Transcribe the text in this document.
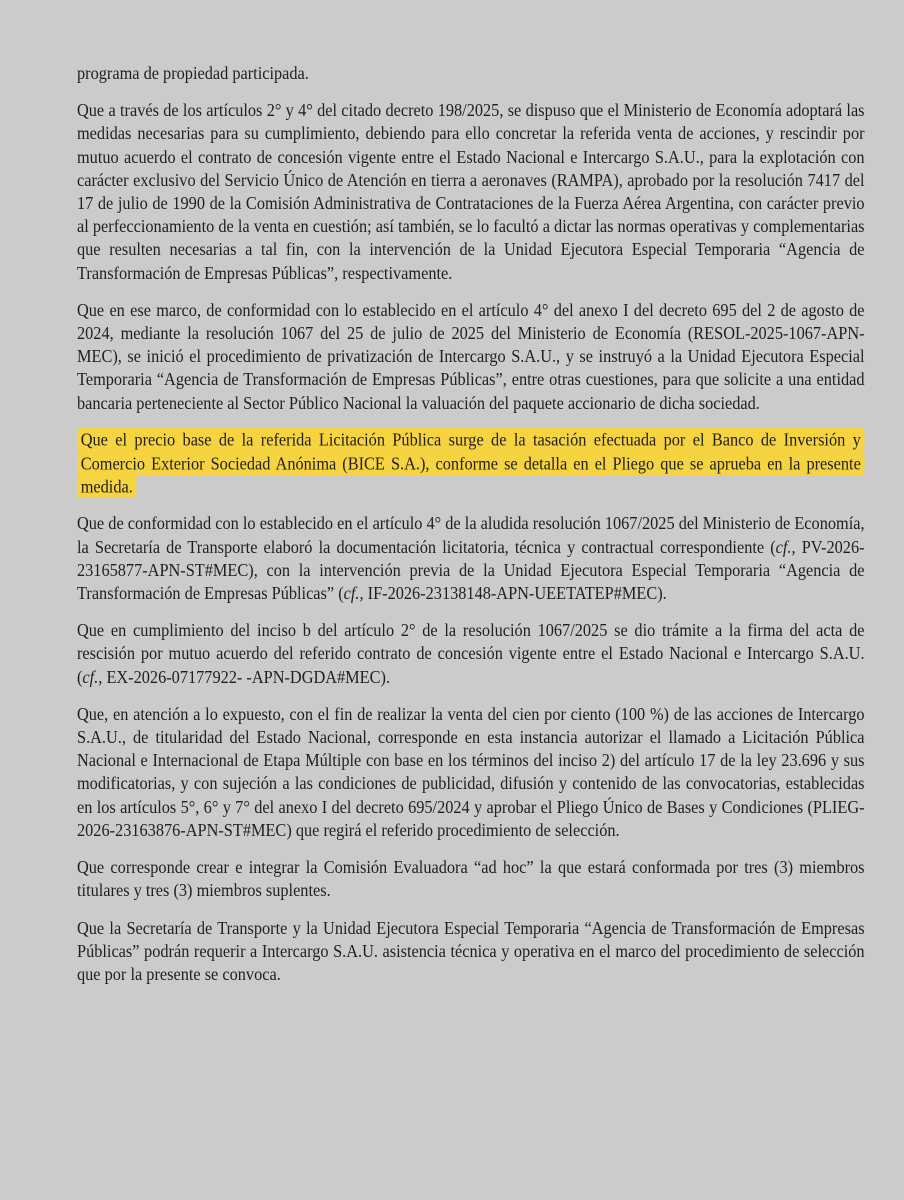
programa de propiedad participada.

Que a través de los artículos 2° y 4° del citado decreto 198/2025, se dispuso que el Ministerio de Economía adoptará las medidas necesarias para su cumplimiento, debiendo para ello concretar la referida venta de acciones, y rescindir por mutuo acuerdo el contrato de concesión vigente entre el Estado Nacional e Intercargo S.A.U., para la explotación con carácter exclusivo del Servicio Único de Atención en tierra a aeronaves (RAMPA), aprobado por la resolución 7417 del 17 de julio de 1990 de la Comisión Administrativa de Contrataciones de la Fuerza Aérea Argentina, con carácter previo al perfeccionamiento de la venta en cuestión; así también, se lo facultó a dictar las normas operativas y complementarias que resulten necesarias a tal fin, con la intervención de la Unidad Ejecutora Especial Temporaria “Agencia de Transformación de Empresas Públicas”, respectivamente.

Que en ese marco, de conformidad con lo establecido en el artículo 4° del anexo I del decreto 695 del 2 de agosto de 2024, mediante la resolución 1067 del 25 de julio de 2025 del Ministerio de Economía (RESOL-2025-1067-APN-MEC), se inició el procedimiento de privatización de Intercargo S.A.U., y se instruyó a la Unidad Ejecutora Especial Temporaria “Agencia de Transformación de Empresas Públicas”, entre otras cuestiones, para que solicite a una entidad bancaria perteneciente al Sector Público Nacional la valuación del paquete accionario de dicha sociedad.

Que el precio base de la referida Licitación Pública surge de la tasación efectuada por el Banco de Inversión y Comercio Exterior Sociedad Anónima (BICE S.A.), conforme se detalla en el Pliego que se aprueba en la presente medida.

Que de conformidad con lo establecido en el artículo 4° de la aludida resolución 1067/2025 del Ministerio de Economía, la Secretaría de Transporte elaboró la documentación licitatoria, técnica y contractual correspondiente (cf., PV-2026-23165877-APN-ST#MEC), con la intervención previa de la Unidad Ejecutora Especial Temporaria “Agencia de Transformación de Empresas Públicas” (cf., IF-2026-23138148-APN-UEETATEP#MEC).

Que en cumplimiento del inciso b del artículo 2° de la resolución 1067/2025 se dio trámite a la firma del acta de rescisión por mutuo acuerdo del referido contrato de concesión vigente entre el Estado Nacional e Intercargo S.A.U. (cf., EX-2026-07177922- -APN-DGDA#MEC).

Que, en atención a lo expuesto, con el fin de realizar la venta del cien por ciento (100 %) de las acciones de Intercargo S.A.U., de titularidad del Estado Nacional, corresponde en esta instancia autorizar el llamado a Licitación Pública Nacional e Internacional de Etapa Múltiple con base en los términos del inciso 2) del artículo 17 de la ley 23.696 y sus modificatorias, y con sujeción a las condiciones de publicidad, difusión y contenido de las convocatorias, establecidas en los artículos 5°, 6° y 7° del anexo I del decreto 695/2024 y aprobar el Pliego Único de Bases y Condiciones (PLIEG-2026-23163876-APN-ST#MEC) que regirá el referido procedimiento de selección.

Que corresponde crear e integrar la Comisión Evaluadora “ad hoc” la que estará conformada por tres (3) miembros titulares y tres (3) miembros suplentes.

Que la Secretaría de Transporte y la Unidad Ejecutora Especial Temporaria “Agencia de Transformación de Empresas Públicas” podrán requerir a Intercargo S.A.U. asistencia técnica y operativa en el marco del procedimiento de selección que por la presente se convoca.
